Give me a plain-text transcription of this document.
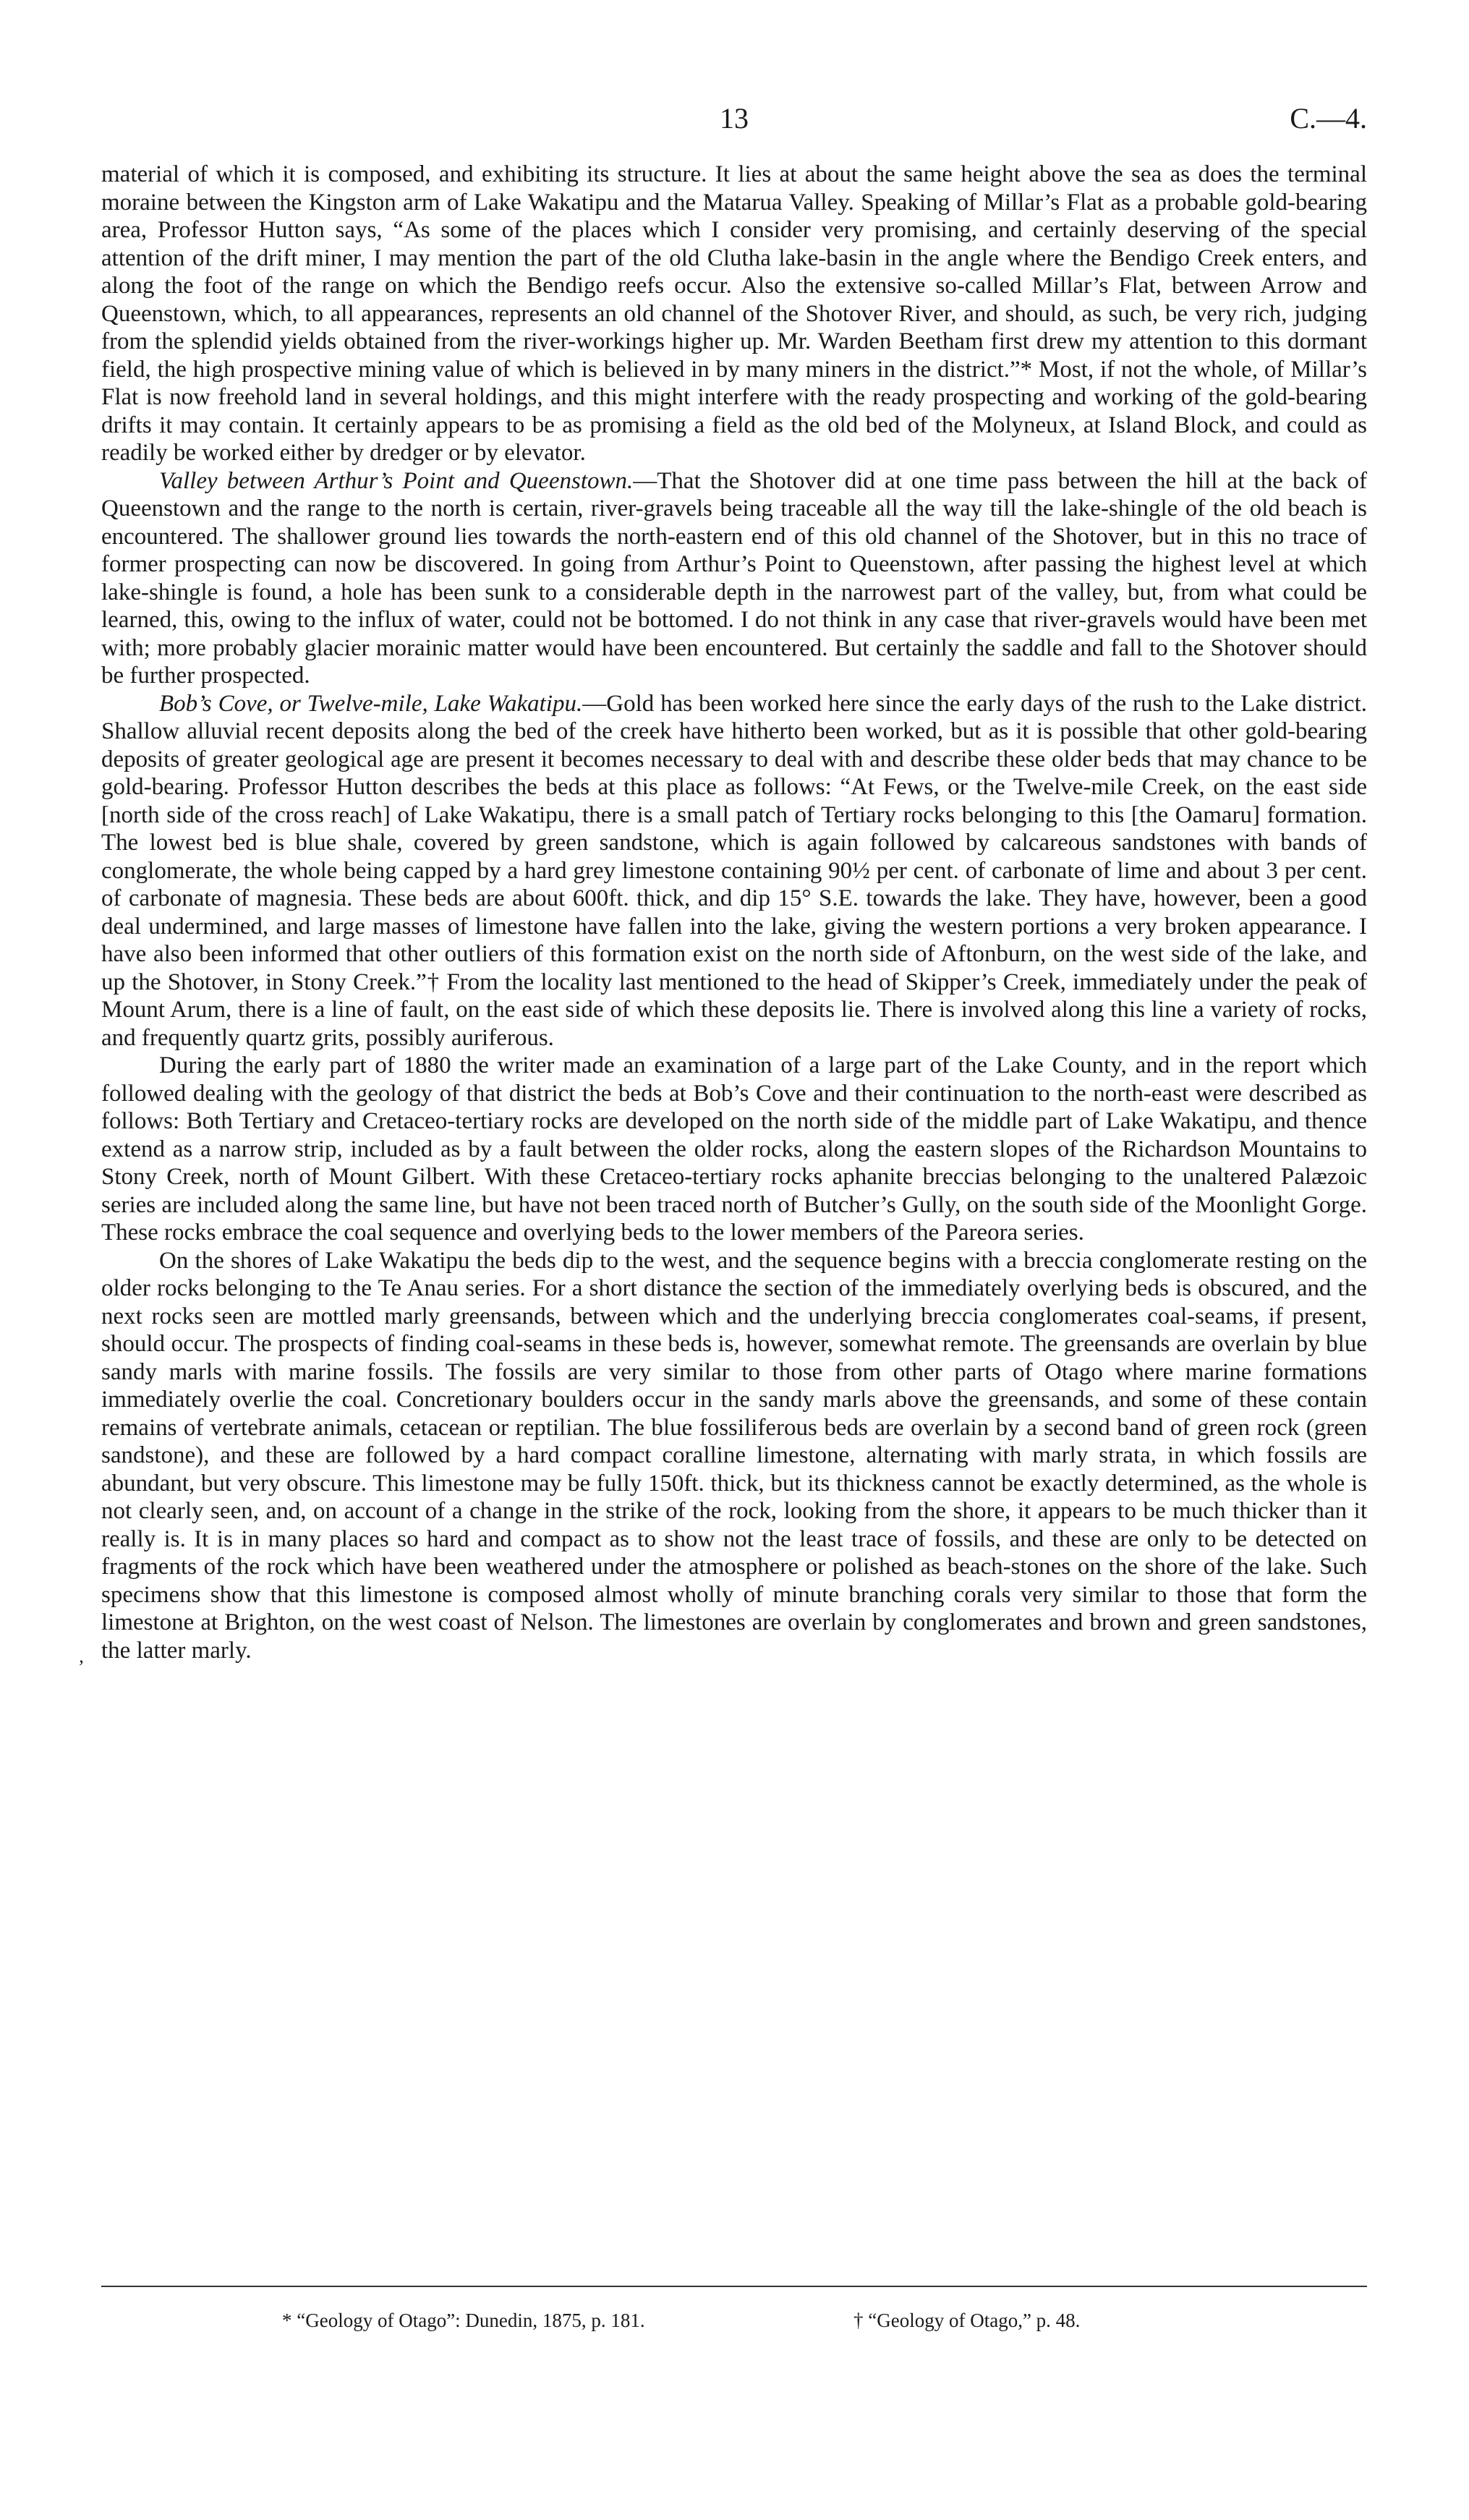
13	C.—4.

material of which it is composed, and exhibiting its structure. It lies at about the same height above the sea as does the terminal moraine between the Kingston arm of Lake Wakatipu and the Matarua Valley. Speaking of Millar’s Flat as a probable gold-bearing area, Professor Hutton says, “As some of the places which I consider very promising, and certainly deserving of the special attention of the drift miner, I may mention the part of the old Clutha lake-basin in the angle where the Bendigo Creek enters, and along the foot of the range on which the Bendigo reefs occur. Also the extensive so-called Millar’s Flat, between Arrow and Queenstown, which, to all appearances, represents an old channel of the Shotover River, and should, as such, be very rich, judging from the splendid yields obtained from the river-workings higher up. Mr. Warden Beetham first drew my attention to this dormant field, the high prospective mining value of which is believed in by many miners in the district.”* Most, if not the whole, of Millar’s Flat is now freehold land in several holdings, and this might interfere with the ready prospecting and working of the gold-bearing drifts it may contain. It certainly appears to be as promising a field as the old bed of the Molyneux, at Island Block, and could as readily be worked either by dredger or by elevator.

Valley between Arthur’s Point and Queenstown.—That the Shotover did at one time pass between the hill at the back of Queenstown and the range to the north is certain, river-gravels being traceable all the way till the lake-shingle of the old beach is encountered. The shallower ground lies towards the north-eastern end of this old channel of the Shotover, but in this no trace of former prospecting can now be discovered. In going from Arthur’s Point to Queenstown, after passing the highest level at which lake-shingle is found, a hole has been sunk to a considerable depth in the narrowest part of the valley, but, from what could be learned, this, owing to the influx of water, could not be bottomed. I do not think in any case that river-gravels would have been met with; more probably glacier morainic matter would have been encountered. But certainly the saddle and fall to the Shotover should be further prospected.

Bob’s Cove, or Twelve-mile, Lake Wakatipu.—Gold has been worked here since the early days of the rush to the Lake district. Shallow alluvial recent deposits along the bed of the creek have hitherto been worked, but as it is possible that other gold-bearing deposits of greater geological age are present it becomes necessary to deal with and describe these older beds that may chance to be gold-bearing. Professor Hutton describes the beds at this place as follows: “At Fews, or the Twelve-mile Creek, on the east side [north side of the cross reach] of Lake Wakatipu, there is a small patch of Tertiary rocks belonging to this [the Oamaru] formation. The lowest bed is blue shale, covered by green sandstone, which is again followed by calcareous sandstones with bands of conglomerate, the whole being capped by a hard grey limestone containing 90½ per cent. of carbonate of lime and about 3 per cent. of carbonate of magnesia. These beds are about 600ft. thick, and dip 15° S.E. towards the lake. They have, however, been a good deal undermined, and large masses of limestone have fallen into the lake, giving the western portions a very broken appearance. I have also been informed that other outliers of this formation exist on the north side of Aftonburn, on the west side of the lake, and up the Shotover, in Stony Creek.”† From the locality last mentioned to the head of Skipper’s Creek, immediately under the peak of Mount Arum, there is a line of fault, on the east side of which these deposits lie. There is involved along this line a variety of rocks, and frequently quartz grits, possibly auriferous.

During the early part of 1880 the writer made an examination of a large part of the Lake County, and in the report which followed dealing with the geology of that district the beds at Bob’s Cove and their continuation to the north-east were described as follows: Both Tertiary and Cretaceo-tertiary rocks are developed on the north side of the middle part of Lake Wakatipu, and thence extend as a narrow strip, included as by a fault between the older rocks, along the eastern slopes of the Richardson Mountains to Stony Creek, north of Mount Gilbert. With these Cretaceo-tertiary rocks aphanite breccias belonging to the unaltered Palæzoic series are included along the same line, but have not been traced north of Butcher’s Gully, on the south side of the Moonlight Gorge. These rocks embrace the coal sequence and overlying beds to the lower members of the Pareora series.

On the shores of Lake Wakatipu the beds dip to the west, and the sequence begins with a breccia conglomerate resting on the older rocks belonging to the Te Anau series. For a short distance the section of the immediately overlying beds is obscured, and the next rocks seen are mottled marly greensands, between which and the underlying breccia conglomerates coal-seams, if present, should occur. The prospects of finding coal-seams in these beds is, however, somewhat remote. The greensands are overlain by blue sandy marls with marine fossils. The fossils are very similar to those from other parts of Otago where marine formations immediately overlie the coal. Concretionary boulders occur in the sandy marls above the greensands, and some of these contain remains of vertebrate animals, cetacean or reptilian. The blue fossiliferous beds are overlain by a second band of green rock (green sandstone), and these are followed by a hard compact coralline limestone, alternating with marly strata, in which fossils are abundant, but very obscure. This limestone may be fully 150ft. thick, but its thickness cannot be exactly determined, as the whole is not clearly seen, and, on account of a change in the strike of the rock, looking from the shore, it appears to be much thicker than it really is. It is in many places so hard and compact as to show not the least trace of fossils, and these are only to be detected on fragments of the rock which have been weathered under the atmosphere or polished as beach-stones on the shore of the lake. Such specimens show that this limestone is composed almost wholly of minute branching corals very similar to those that form the limestone at Brighton, on the west coast of Nelson. The limestones are overlain by conglomerates and brown and green sandstones, the latter marly.

’
* “Geology of Otago”: Dunedin, 1875, p. 181.	† “Geology of Otago,” p. 48.
